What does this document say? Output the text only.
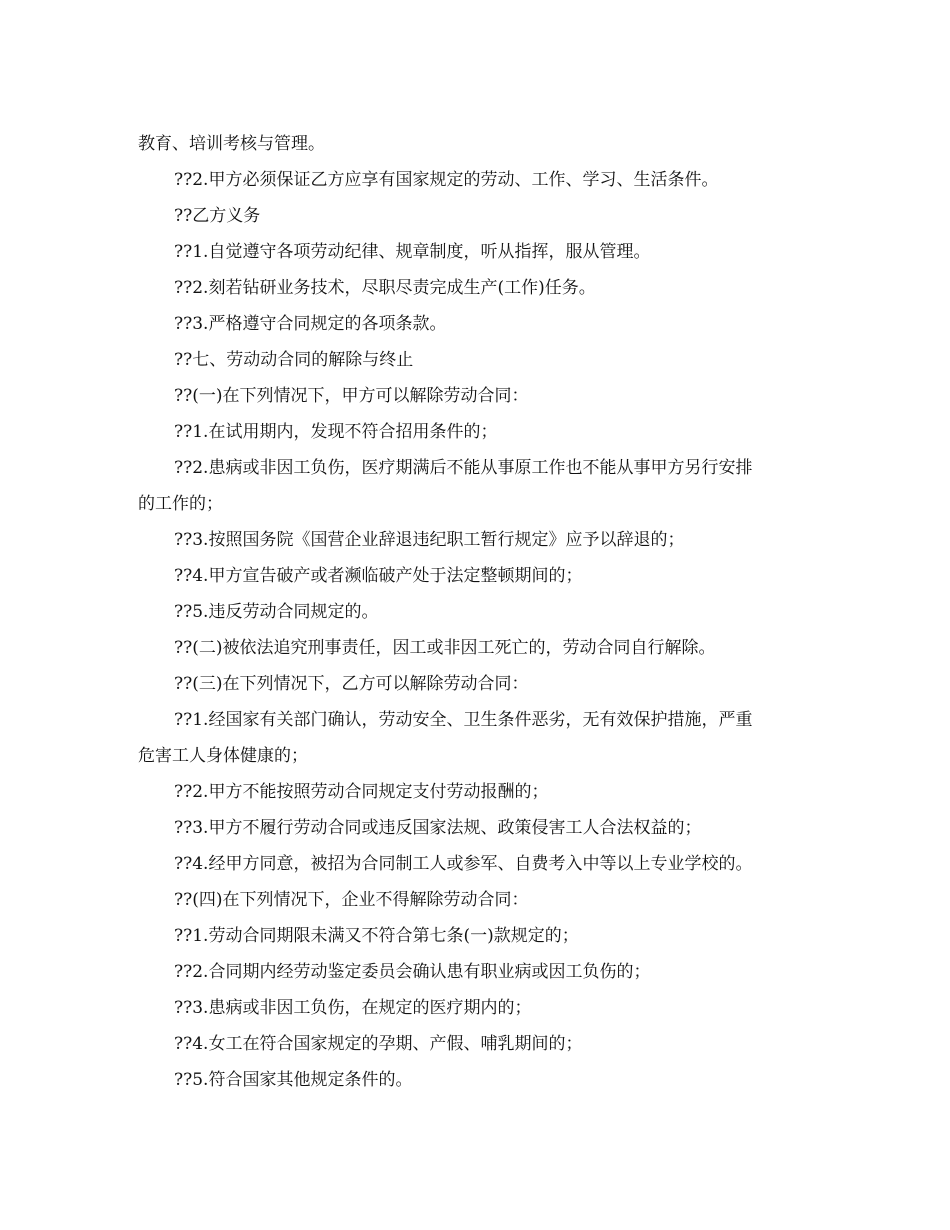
教育、培训考核与管理。
??2.甲方必须保证乙方应享有国家规定的劳动、工作、学习、生活条件。
??乙方义务
??1.自觉遵守各项劳动纪律、规章制度，听从指挥，服从管理。
??2.刻若钻研业务技术，尽职尽责完成生产(工作)任务。
??3.严格遵守合同规定的各项条款。
??七、劳动动合同的解除与终止
??(一)在下列情况下，甲方可以解除劳动合同：
??1.在试用期内，发现不符合招用条件的；
??2.患病或非因工负伤，医疗期满后不能从事原工作也不能从事甲方另行安排
的工作的；
??3.按照国务院《国营企业辞退违纪职工暂行规定》应予以辞退的；
??4.甲方宣告破产或者濒临破产处于法定整顿期间的；
??5.违反劳动合同规定的。
??(二)被依法追究刑事责任，因工或非因工死亡的，劳动合同自行解除。
??(三)在下列情况下，乙方可以解除劳动合同：
??1.经国家有关部门确认，劳动安全、卫生条件恶劣，无有效保护措施，严重
危害工人身体健康的；
??2.甲方不能按照劳动合同规定支付劳动报酬的；
??3.甲方不履行劳动合同或违反国家法规、政策侵害工人合法权益的；
??4.经甲方同意，被招为合同制工人或参军、自费考入中等以上专业学校的。
??(四)在下列情况下，企业不得解除劳动合同：
??1.劳动合同期限未满又不符合第七条(一)款规定的；
??2.合同期内经劳动鉴定委员会确认患有职业病或因工负伤的；
??3.患病或非因工负伤，在规定的医疗期内的；
??4.女工在符合国家规定的孕期、产假、哺乳期间的；
??5.符合国家其他规定条件的。
